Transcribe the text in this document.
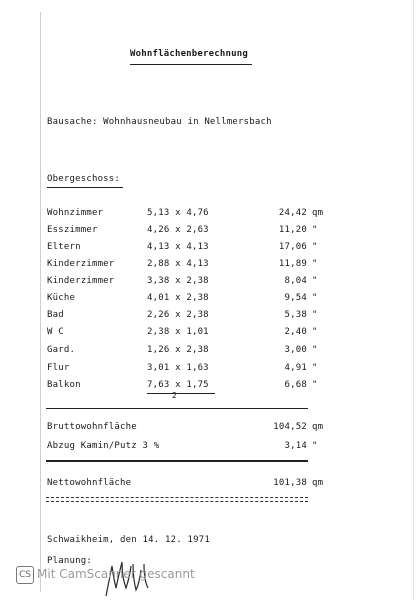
Wohnflächenberechnung
Bausache: Wohnhausneubau in Nellmersbach
Obergeschoss:
Wohnzimmer	5,13 x 4,76	24,42 qm
Esszimmer	4,26 x 2,63	11,20 "
Eltern	4,13 x 4,13	17,06 "
Kinderzimmer	2,88 x 4,13	11,89 "
Kinderzimmer	3,38 x 2,38	8,04 "
Küche	4,01 x 2,38	9,54 "
Bad	2,26 x 2,38	5,38 "
W C	2,38 x 1,01	2,40 "
Gard.	1,26 x 2,38	3,00 "
Flur	3,01 x 1,63	4,91 "
Balkon	7,63 x 1,75	6,68 "
2
Bruttowohnfläche	104,52 qm
Abzug Kamin/Putz 3 %	3,14 "
Nettowohnfläche	101,38 qm
Schwaikheim, den 14. 12. 1971
Planung:
CS Mit CamScanner gescannt
